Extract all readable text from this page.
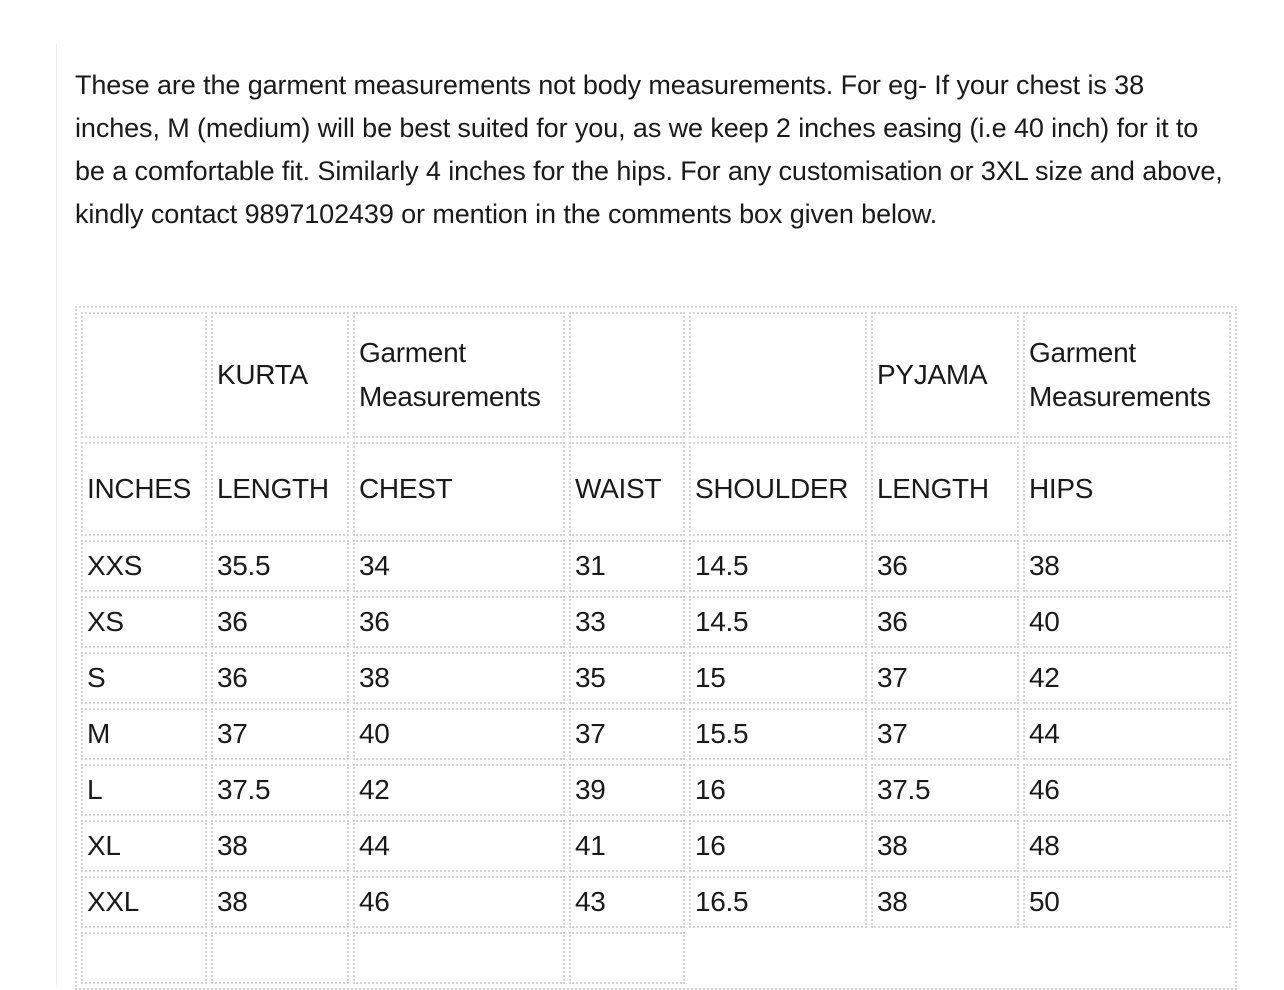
These are the garment measurements not body measurements. For eg- If your chest is 38 inches, M (medium) will be best suited for you, as we keep 2 inches easing (i.e 40 inch) for it to be a comfortable fit. Similarly 4 inches for the hips. For any customisation or 3XL size and above, kindly contact 9897102439 or mention in the comments box given below.

	KURTA	Garment Measurements			PYJAMA	Garment Measurements
INCHES	LENGTH	CHEST	WAIST	SHOULDER	LENGTH	HIPS
XXS	35.5	34	31	14.5	36	38
XS	36	36	33	14.5	36	40
S	36	38	35	15	37	42
M	37	40	37	15.5	37	44
L	37.5	42	39	16	37.5	46
XL	38	44	41	16	38	48
XXL	38	46	43	16.5	38	50
